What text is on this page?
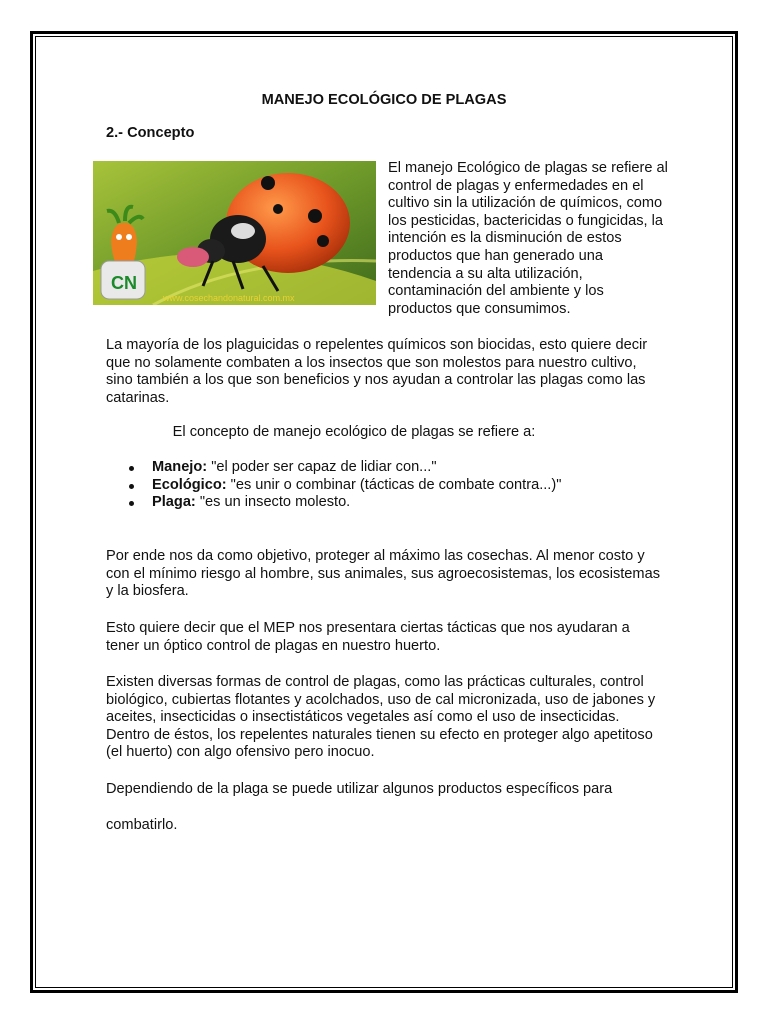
MANEJO ECOLÓGICO DE PLAGAS
2.- Concepto
CN
www.cosechandonatural.com.mx

El manejo Ecológico de plagas se refiere al control de plagas y enfermedades en el cultivo sin la utilización de químicos, como los pesticidas, bactericidas o fungicidas, la intención es la disminución de estos productos que han generado una tendencia a su alta utilización, contaminación del ambiente y los productos que consumimos.

La mayoría de los plaguicidas o repelentes químicos son biocidas, esto quiere decir que no solamente combaten a los insectos que son molestos para nuestro cultivo, sino también a los que son beneficios y nos ayudan a controlar las plagas como las catarinas.

El concepto de manejo ecológico de plagas se refiere a:

Manejo: "el poder ser capaz de lidiar con..."
Ecológico: "es unir o combinar (tácticas de combate contra...)"
Plaga: "es un insecto molesto.

Por ende nos da como objetivo, proteger al máximo las cosechas. Al menor costo y con el mínimo riesgo al hombre, sus animales, sus agroecosistemas, los ecosistemas y la biosfera.

Esto quiere decir que el MEP nos presentara ciertas tácticas que nos ayudaran a tener un óptico control de plagas en nuestro huerto.

Existen diversas formas de control de plagas, como las prácticas culturales, control biológico, cubiertas flotantes y acolchados, uso de cal micronizada, uso de jabones y aceites, insecticidas o insectistáticos vegetales así como el uso de insecticidas. Dentro de éstos, los repelentes naturales tienen su efecto en proteger algo apetitoso (el huerto) con algo ofensivo pero inocuo.

Dependiendo de la plaga se puede utilizar algunos productos específicos para

combatirlo.
